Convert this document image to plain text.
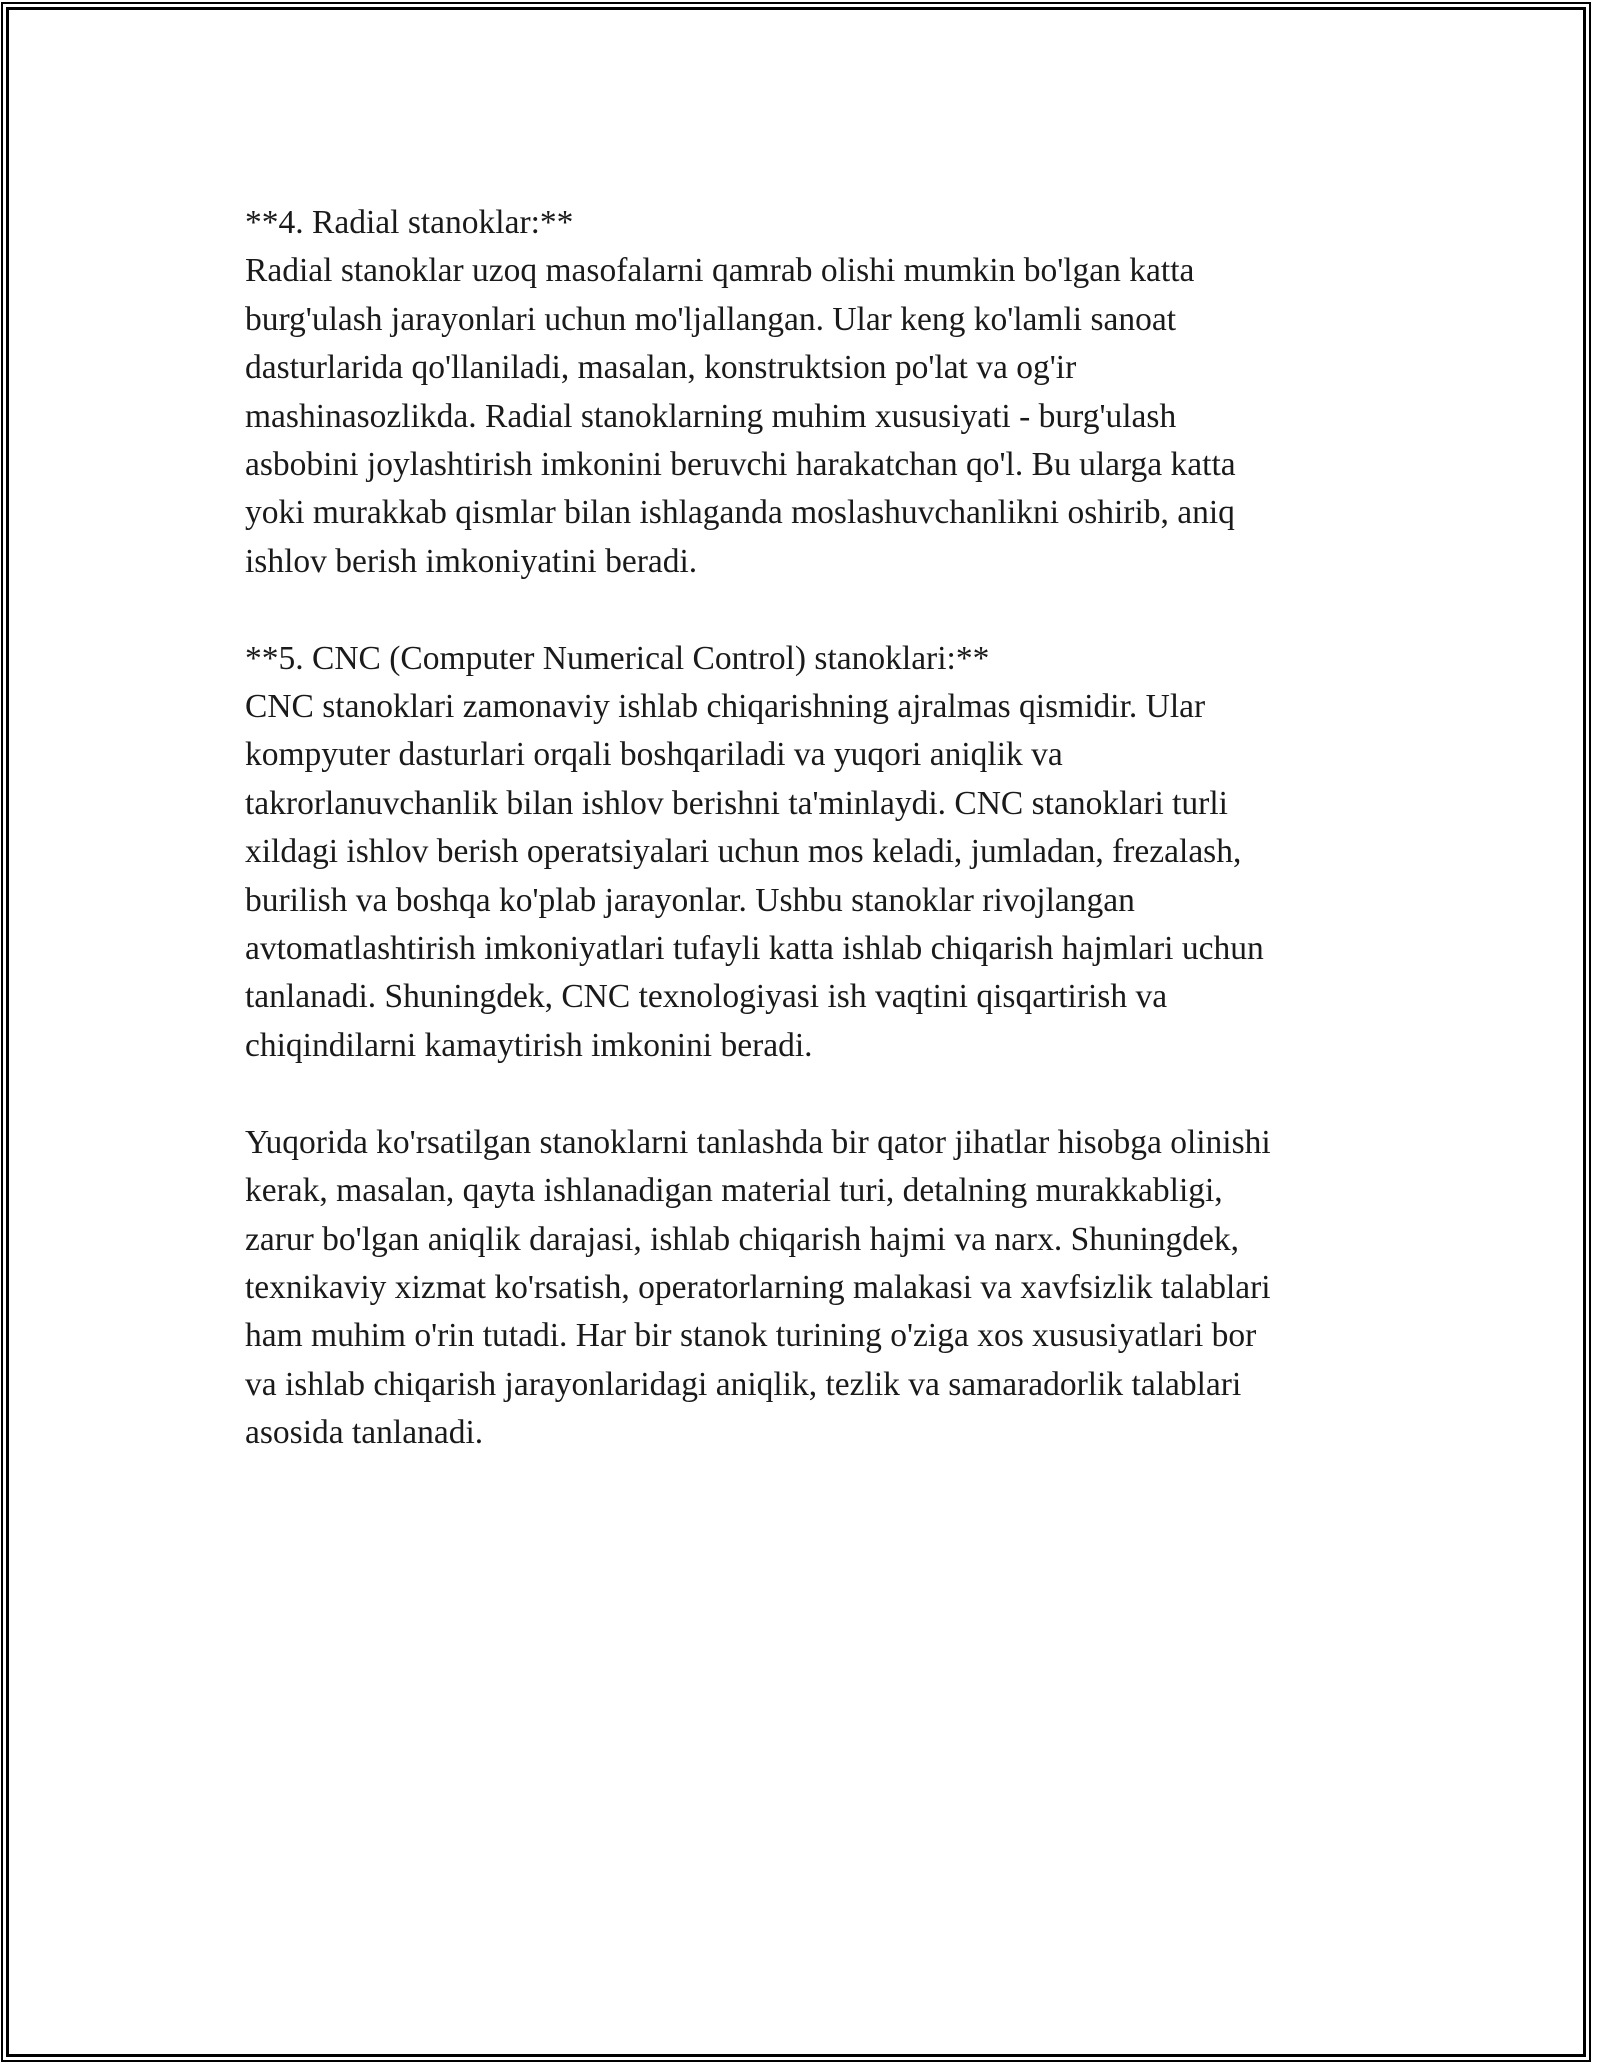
**4. Radial stanoklar:**

Radial stanoklar uzoq masofalarni qamrab olishi mumkin bo'lgan katta
burg'ulash jarayonlari uchun mo'ljallangan. Ular keng ko'lamli sanoat
dasturlarida qo'llaniladi, masalan, konstruktsion po'lat va og'ir
mashinasozlikda. Radial stanoklarning muhim xususiyati - burg'ulash
asbobini joylashtirish imkonini beruvchi harakatchan qo'l. Bu ularga katta
yoki murakkab qismlar bilan ishlaganda moslashuvchanlikni oshirib, aniq
ishlov berish imkoniyatini beradi.

**5. CNC (Computer Numerical Control) stanoklari:**

CNC stanoklari zamonaviy ishlab chiqarishning ajralmas qismidir. Ular
kompyuter dasturlari orqali boshqariladi va yuqori aniqlik va
takrorlanuvchanlik bilan ishlov berishni ta'minlaydi. CNC stanoklari turli
xildagi ishlov berish operatsiyalari uchun mos keladi, jumladan, frezalash,
burilish va boshqa ko'plab jarayonlar. Ushbu stanoklar rivojlangan
avtomatlashtirish imkoniyatlari tufayli katta ishlab chiqarish hajmlari uchun
tanlanadi. Shuningdek, CNC texnologiyasi ish vaqtini qisqartirish va
chiqindilarni kamaytirish imkonini beradi.

Yuqorida ko'rsatilgan stanoklarni tanlashda bir qator jihatlar hisobga olinishi
kerak, masalan, qayta ishlanadigan material turi, detalning murakkabligi,
zarur bo'lgan aniqlik darajasi, ishlab chiqarish hajmi va narx. Shuningdek,
texnikaviy xizmat ko'rsatish, operatorlarning malakasi va xavfsizlik talablari
ham muhim o'rin tutadi. Har bir stanok turining o'ziga xos xususiyatlari bor
va ishlab chiqarish jarayonlaridagi aniqlik, tezlik va samaradorlik talablari
asosida tanlanadi.
